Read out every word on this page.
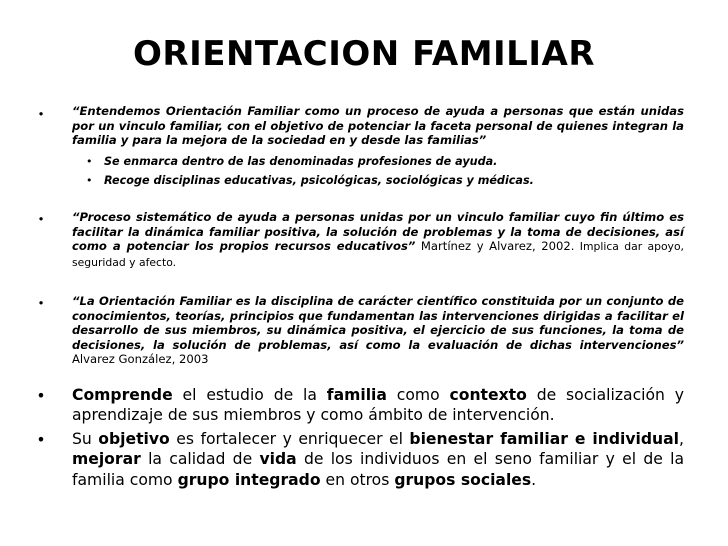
ORIENTACION FAMILIAR
•	“Entendemos Orientación Familiar como un proceso de ayuda a personas que están unidas por un vinculo familiar, con el objetivo de potenciar la faceta personal de quienes integran la familia y para la mejora de la sociedad en y desde las familias”
• Se enmarca dentro de las denominadas profesiones de ayuda.
• Recoge disciplinas educativas, psicológicas, sociológicas y médicas.
•	“Proceso sistemático de ayuda a personas unidas por un vinculo familiar cuyo fin último es facilitar la dinámica familiar positiva, la solución de problemas y la toma de decisiones, así como a potenciar los propios recursos educativos” Martínez y Alvarez, 2002. Implica dar apoyo, seguridad y afecto.
•	“La Orientación Familiar es la disciplina de carácter científico constituida por un conjunto de conocimientos, teorías, principios que fundamentan las intervenciones dirigidas a facilitar el desarrollo de sus miembros, su dinámica positiva, el ejercicio de sus funciones, la toma de decisiones, la solución de problemas, así como la evaluación de dichas intervenciones” Alvarez González, 2003
• Comprende el estudio de la familia como contexto de socialización y aprendizaje de sus miembros y como ámbito de intervención.
• Su objetivo es fortalecer y enriquecer el bienestar familiar e individual, mejorar la calidad de vida de los individuos en el seno familiar y el de la familia como grupo integrado en otros grupos sociales.
